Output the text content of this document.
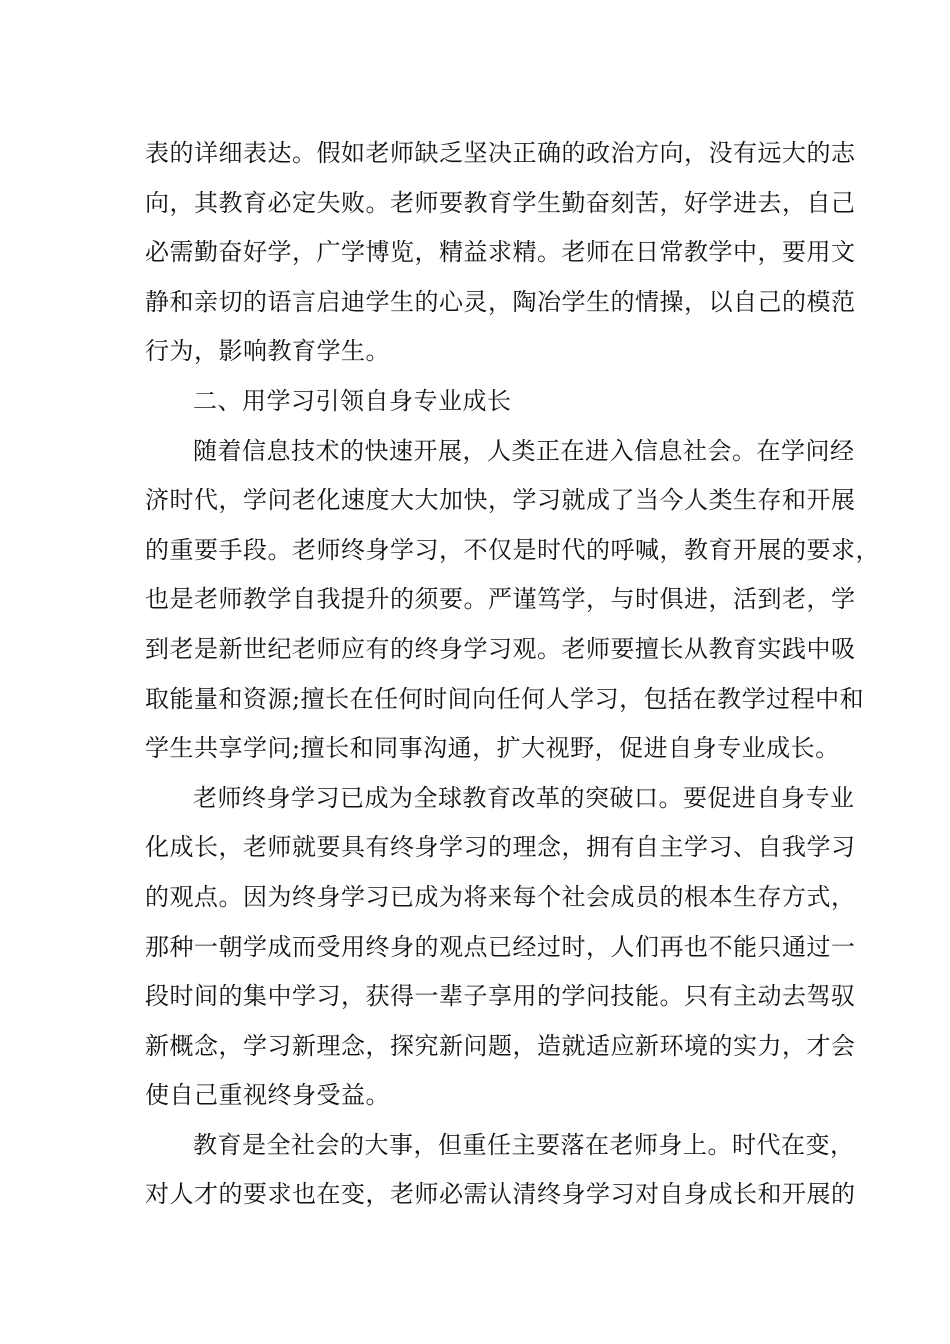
表的详细表达。假如老师缺乏坚决正确的政治方向，没有远大的志
向，其教育必定失败。老师要教育学生勤奋刻苦，好学进去，自己
必需勤奋好学，广学博览，精益求精。老师在日常教学中，要用文
静和亲切的语言启迪学生的心灵，陶冶学生的情操，以自己的模范
行为，影响教育学生。
二、用学习引领自身专业成长
随着信息技术的快速开展，人类正在进入信息社会。在学问经
济时代，学问老化速度大大加快，学习就成了当今人类生存和开展
的重要手段。老师终身学习，不仅是时代的呼喊，教育开展的要求，
也是老师教学自我提升的须要。严谨笃学，与时俱进，活到老，学
到老是新世纪老师应有的终身学习观。老师要擅长从教育实践中吸
取能量和资源;擅长在任何时间向任何人学习，包括在教学过程中和
学生共享学问;擅长和同事沟通，扩大视野，促进自身专业成长。
老师终身学习已成为全球教育改革的突破口。要促进自身专业
化成长，老师就要具有终身学习的理念，拥有自主学习、自我学习
的观点。因为终身学习已成为将来每个社会成员的根本生存方式，
那种一朝学成而受用终身的观点已经过时，人们再也不能只通过一
段时间的集中学习，获得一辈子享用的学问技能。只有主动去驾驭
新概念，学习新理念，探究新问题，造就适应新环境的实力，才会
使自己重视终身受益。
教育是全社会的大事，但重任主要落在老师身上。时代在变，
对人才的要求也在变，老师必需认清终身学习对自身成长和开展的
